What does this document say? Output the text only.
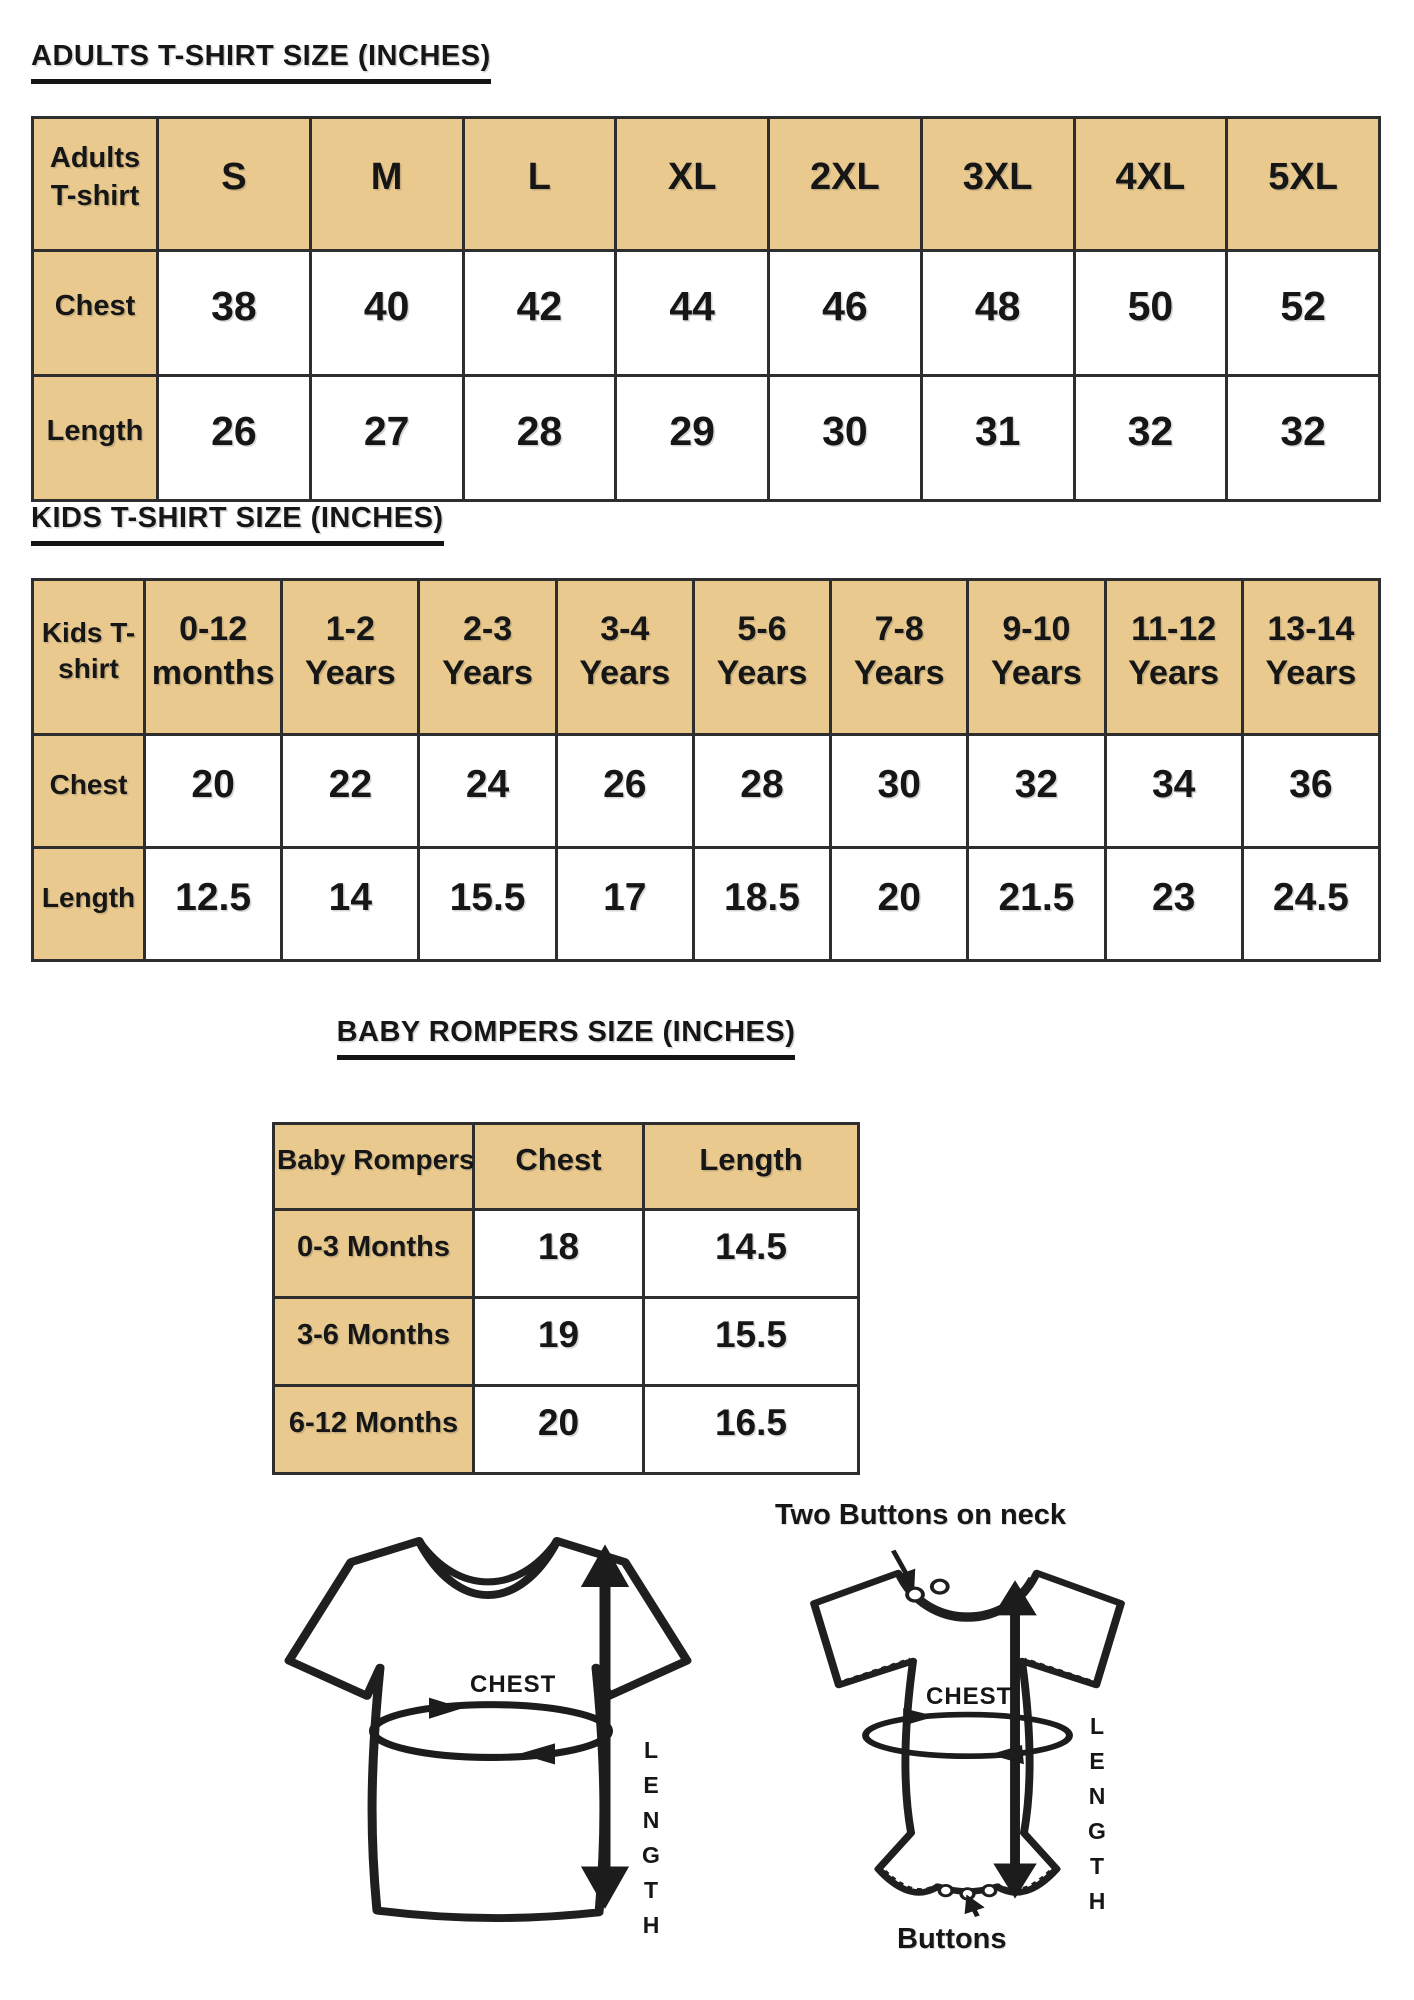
ADULTS T-SHIRT SIZE (INCHES)
Adults T-shirt	S	M	L	XL	2XL	3XL	4XL	5XL
Chest	38	40	42	44	46	48	50	52
Length	26	27	28	29	30	31	32	32
KIDS T-SHIRT SIZE (INCHES)
Kids T-shirt	0-12 months	1-2 Years	2-3 Years	3-4 Years	5-6 Years	7-8 Years	9-10 Years	11-12 Years	13-14 Years
Chest	20	22	24	26	28	30	32	34	36
Length	12.5	14	15.5	17	18.5	20	21.5	23	24.5
BABY ROMPERS SIZE (INCHES)
Baby Rompers	Chest	Length
0-3 Months	18	14.5
3-6 Months	19	15.5
6-12 Months	20	16.5
CHEST
LENGTH
Two Buttons on neck
CHEST
LENGTH
Buttons
